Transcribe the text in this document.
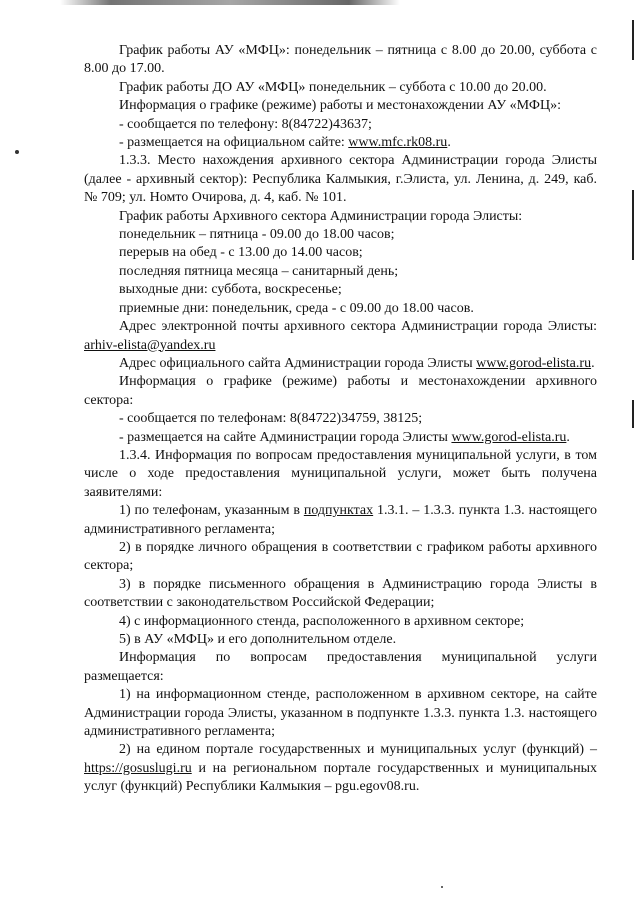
График работы АУ «МФЦ»: понедельник – пятница с 8.00 до 20.00, суббота с 8.00 до 17.00.

График работы ДО АУ «МФЦ» понедельник – суббота с 10.00 до 20.00.

Информация о графике (режиме) работы и местонахождении АУ «МФЦ»:

- сообщается по телефону: 8(84722)43637;

- размещается на официальном сайте: www.mfc.rk08.ru.

1.3.3. Место нахождения архивного сектора Администрации города Элисты (далее - архивный сектор): Республика Калмыкия, г.Элиста, ул. Ленина, д. 249, каб. № 709; ул. Номто Очирова, д. 4, каб. № 101.

График работы Архивного сектора Администрации города Элисты:

понедельник – пятница - 09.00 до 18.00 часов;

перерыв на обед - с 13.00 до 14.00 часов;

последняя пятница месяца – санитарный день;

выходные дни: суббота, воскресенье;

приемные дни: понедельник, среда - с 09.00 до 18.00 часов.

Адрес электронной почты архивного сектора Администрации города Элисты: arhiv-elista@yandex.ru

Адрес официального сайта Администрации города Элисты www.gorod-elista.ru.

Информация о графике (режиме) работы и местонахождении архивного сектора:

- сообщается по телефонам: 8(84722)34759, 38125;

- размещается на сайте Администрации города Элисты www.gorod-elista.ru.

1.3.4. Информация по вопросам предоставления муниципальной услуги, в том числе о ходе предоставления муниципальной услуги, может быть получена заявителями:

1) по телефонам, указанным в подпунктах 1.3.1. – 1.3.3. пункта 1.3. настоящего административного регламента;

2) в порядке личного обращения в соответствии с графиком работы архивного сектора;

3) в порядке письменного обращения в Администрацию города Элисты в соответствии с законодательством Российской Федерации;

4) с информационного стенда, расположенного в архивном секторе;

5) в АУ «МФЦ» и его дополнительном отделе.

Информация по вопросам предоставления муниципальной услуги размещается:

1) на информационном стенде, расположенном в архивном секторе, на сайте Администрации города Элисты, указанном в подпункте 1.3.3. пункта 1.3. настоящего административного регламента;

2) на едином портале государственных и муниципальных услуг (функций) – https://gosuslugi.ru и на региональном портале государственных и муниципальных услуг (функций) Республики Калмыкия – pgu.egov08.ru.
